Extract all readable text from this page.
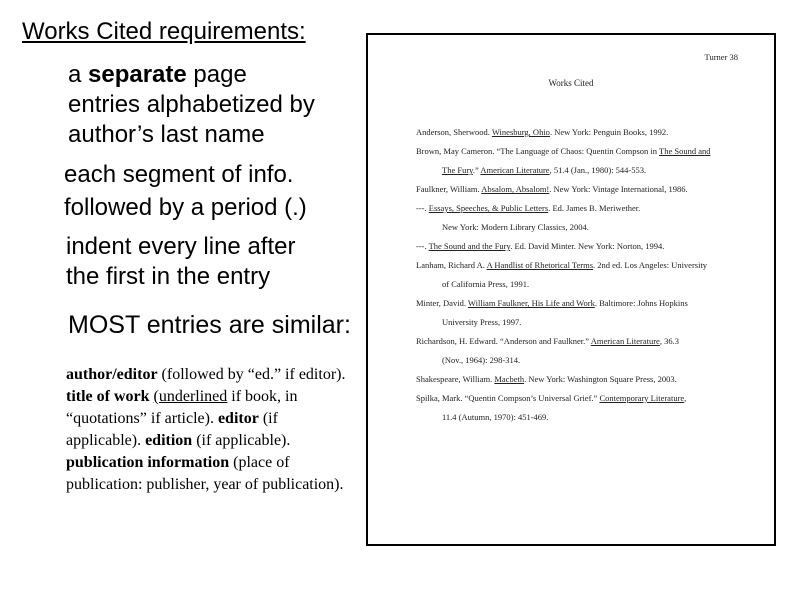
Works Cited requirements:
a separate page
entries alphabetized by
author’s last name
each segment of info.
followed by a period (.)
indent every line after
the first in the entry
MOST entries are similar:
author/editor (followed by “ed.” if editor). title of work (underlined if book, in “quotations” if article). editor (if applicable). edition (if applicable). publication information (place of publication: publisher, year of publication).
Turner 38
Works Cited
Anderson, Sherwood. Winesburg, Ohio. New York: Penguin Books, 1992.
Brown, May Cameron. “The Language of Chaos: Quentin Compson in The Sound and
The Fury.” American Literature, 51.4 (Jan., 1980): 544-553.
Faulkner, William. Absalom, Absalom!. New York: Vintage International, 1986.
---. Essays, Speeches, & Public Letters. Ed. James B. Meriwether.
New York: Modern Library Classics, 2004.
---. The Sound and the Fury. Ed. David Minter. New York: Norton, 1994.
Lanham, Richard A. A Handlist of Rhetorical Terms. 2nd ed. Los Angeles: University
of California Press, 1991.
Minter, David. William Faulkner, His Life and Work. Baltimore: Johns Hopkins
University Press, 1997.
Richardson, H. Edward. “Anderson and Faulkner.” American Literature, 36.3
(Nov., 1964): 298-314.
Shakespeare, William. Macbeth. New York: Washington Square Press, 2003.
Spilka, Mark. “Quentin Compson’s Universal Grief.” Contemporary Literature,
11.4 (Autumn, 1970): 451-469.
